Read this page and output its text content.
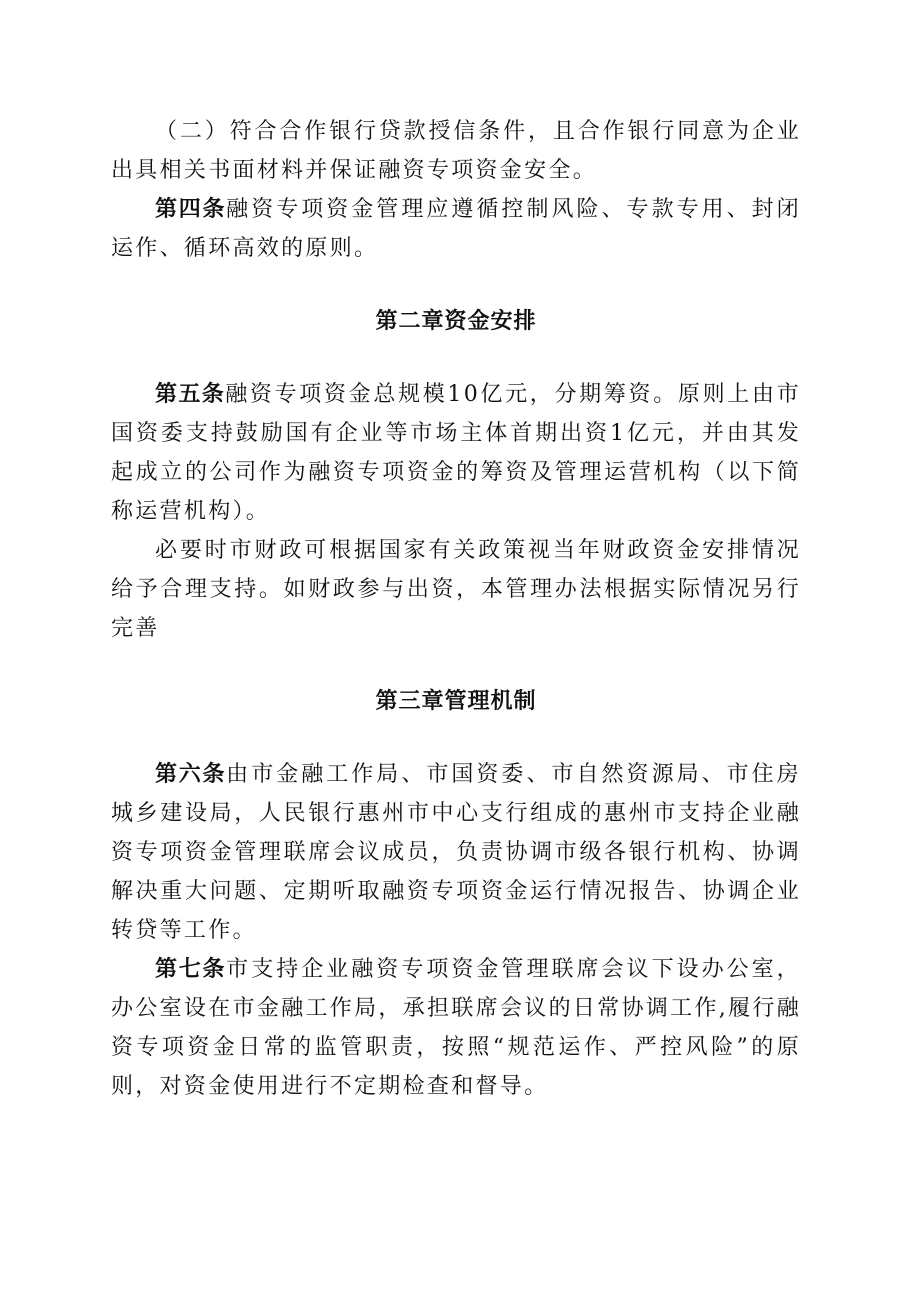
（二）符合合作银行贷款授信条件，且合作银行同意为企业出具相关书面材料并保证融资专项资金安全。

第四条融资专项资金管理应遵循控制风险、专款专用、封闭运作、循环高效的原则。

第二章资金安排

第五条融资专项资金总规模10亿元，分期筹资。原则上由市国资委支持鼓励国有企业等市场主体首期出资1亿元，并由其发起成立的公司作为融资专项资金的筹资及管理运营机构（以下简称运营机构）。

必要时市财政可根据国家有关政策视当年财政资金安排情况给予合理支持。如财政参与出资，本管理办法根据实际情况另行完善

第三章管理机制

第六条由市金融工作局、市国资委、市自然资源局、市住房城乡建设局，人民银行惠州市中心支行组成的惠州市支持企业融资专项资金管理联席会议成员，负责协调市级各银行机构、协调解决重大问题、定期听取融资专项资金运行情况报告、协调企业转贷等工作。

第七条市支持企业融资专项资金管理联席会议下设办公室，办公室设在市金融工作局，承担联席会议的日常协调工作,履行融资专项资金日常的监管职责，按照“规范运作、严控风险”的原则，对资金使用进行不定期检查和督导。
